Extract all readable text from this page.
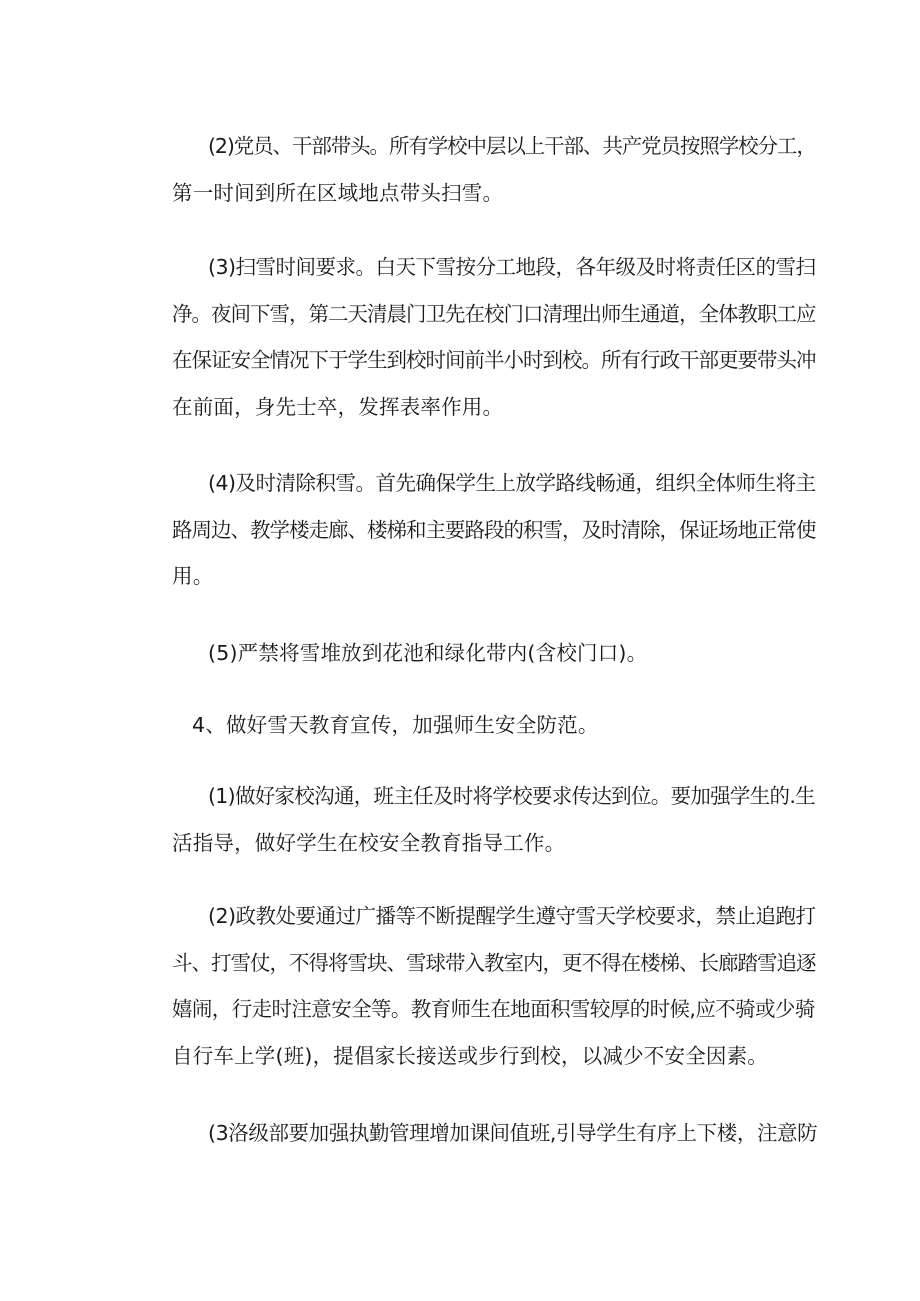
(2)党员、干部带头。所有学校中层以上干部、共产党员按照学校分工，
第一时间到所在区域地点带头扫雪。
(3)扫雪时间要求。白天下雪按分工地段，各年级及时将责任区的雪扫
净。夜间下雪，第二天清晨门卫先在校门口清理出师生通道，全体教职工应
在保证安全情况下于学生到校时间前半小时到校。所有行政干部更要带头冲
在前面，身先士卒，发挥表率作用。
(4)及时清除积雪。首先确保学生上放学路线畅通，组织全体师生将主
路周边、教学楼走廊、楼梯和主要路段的积雪，及时清除，保证场地正常使
用。
(5)严禁将雪堆放到花池和绿化带内(含校门口)。
4、做好雪天教育宣传，加强师生安全防范。
(1)做好家校沟通，班主任及时将学校要求传达到位。要加强学生的.生
活指导，做好学生在校安全教育指导工作。
(2)政教处要通过广播等不断提醒学生遵守雪天学校要求，禁止追跑打
斗、打雪仗，不得将雪块、雪球带入教室内，更不得在楼梯、长廊踏雪追逐
嬉闹，行走时注意安全等。教育师生在地面积雪较厚的时候,应不骑或少骑
自行车上学(班)，提倡家长接送或步行到校，以减少不安全因素。
(3洛级部要加强执勤管理增加课间值班,引导学生有序上下楼，注意防
